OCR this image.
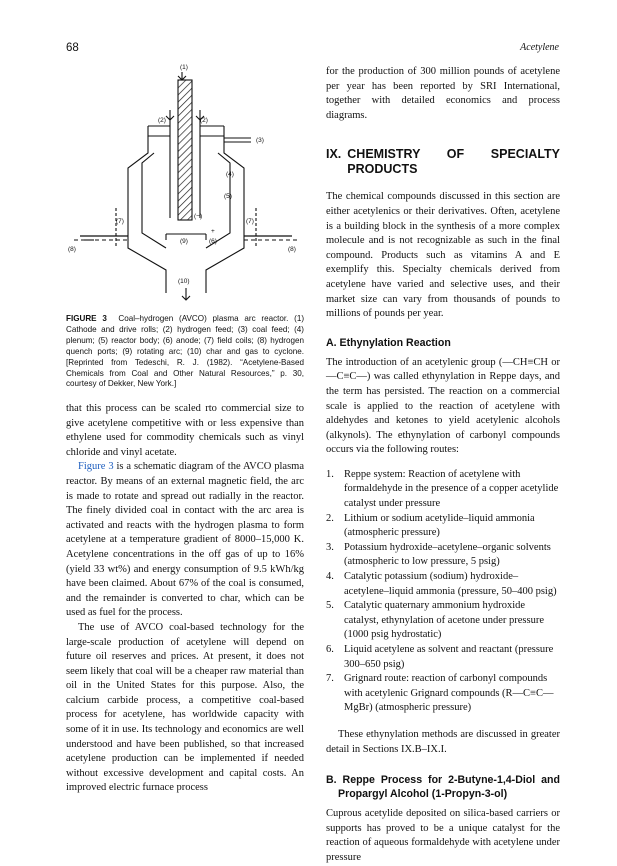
68	Acetylene
(1)
(2)	(2)
(3)
(4)
(5)
(7)	(7)
(−)
+
(9)	(6)
(8)	(8)
(10)
FIGURE 3 Coal–hydrogen (AVCO) plasma arc reactor. (1) Cathode and drive rolls; (2) hydrogen feed; (3) coal feed; (4) plenum; (5) reactor body; (6) anode; (7) field coils; (8) hydrogen quench ports; (9) rotating arc; (10) char and gas to cyclone. [Reprinted from Tedeschi, R. J. (1982). “Acetylene-Based Chemicals from Coal and Other Natural Resources,” p. 30, courtesy of Dekker, New York.]

that this process can be scaled rto commercial size to give acetylene competitive with or less expensive than ethylene used for commodity chemicals such as vinyl chloride and vinyl acetate.

Figure 3 is a schematic diagram of the AVCO plasma reactor. By means of an external magnetic field, the arc is made to rotate and spread out radially in the reactor. The finely divided coal in contact with the arc area is activated and reacts with the hydrogen plasma to form acetylene at a temperature gradient of 8000–15,000 K. Acetylene concentrations in the off gas of up to 16% (yield 33 wt%) and energy consumption of 9.5 kWh/kg have been claimed. About 67% of the coal is consumed, and the remainder is converted to char, which can be used as fuel for the process.

The use of AVCO coal-based technology for the large-scale production of acetylene will depend on future oil reserves and prices. At present, it does not seem likely that coal will be a cheaper raw material than oil in the United States for this purpose. Also, the calcium carbide process, a competitive coal-based process for acetylene, has worldwide capacity with some of it in use. Its technology and economics are well understood and have been published, so that increased acetylene production can be implemented if needed without excessive development and capital costs. An improved electric furnace process

for the production of 300 million pounds of acetylene per year has been reported by SRI International, together with detailed economics and process diagrams.

IX. CHEMISTRY OF SPECIALTY PRODUCTS

The chemical compounds discussed in this section are either acetylenics or their derivatives. Often, acetylene is a building block in the synthesis of a more complex molecule and is not recognizable as such in the final compound. Products such as vitamins A and E exemplify this. Specialty chemicals derived from acetylene have varied and selective uses, and their market size can vary from thousands of pounds to millions of pounds per year.

A. Ethynylation Reaction

The introduction of an acetylenic group (—CH≡CH or —C≡C—) was called ethynylation in Reppe days, and the term has persisted. The reaction on a commercial scale is applied to the reaction of acetylene with aldehydes and ketones to yield acetylenic alcohols (alkynols). The ethynylation of carbonyl compounds occurs via the following routes:

1. Reppe system: Reaction of acetylene with formaldehyde in the presence of a copper acetylide catalyst under pressure
2. Lithium or sodium acetylide–liquid ammonia (atmospheric pressure)
3. Potassium hydroxide–acetylene–organic solvents (atmospheric to low pressure, 5 psig)
4. Catalytic potassium (sodium) hydroxide–acetylene–liquid ammonia (pressure, 50–400 psig)
5. Catalytic quaternary ammonium hydroxide catalyst, ethynylation of acetone under pressure (1000 psig hydrostatic)
6. Liquid acetylene as solvent and reactant (pressure 300–650 psig)
7. Grignard route: reaction of carbonyl compounds with acetylenic Grignard compounds (R—C≡C—MgBr) (atmospheric pressure)

These ethynylation methods are discussed in greater detail in Sections IX.B–IX.I.

B. Reppe Process for 2-Butyne-1,4-Diol and Propargyl Alcohol (1-Propyn-3-ol)

Cuprous acetylide deposited on silica-based carriers or supports has proved to be a unique catalyst for the reaction of aqueous formaldehyde with acetylene under pressure
